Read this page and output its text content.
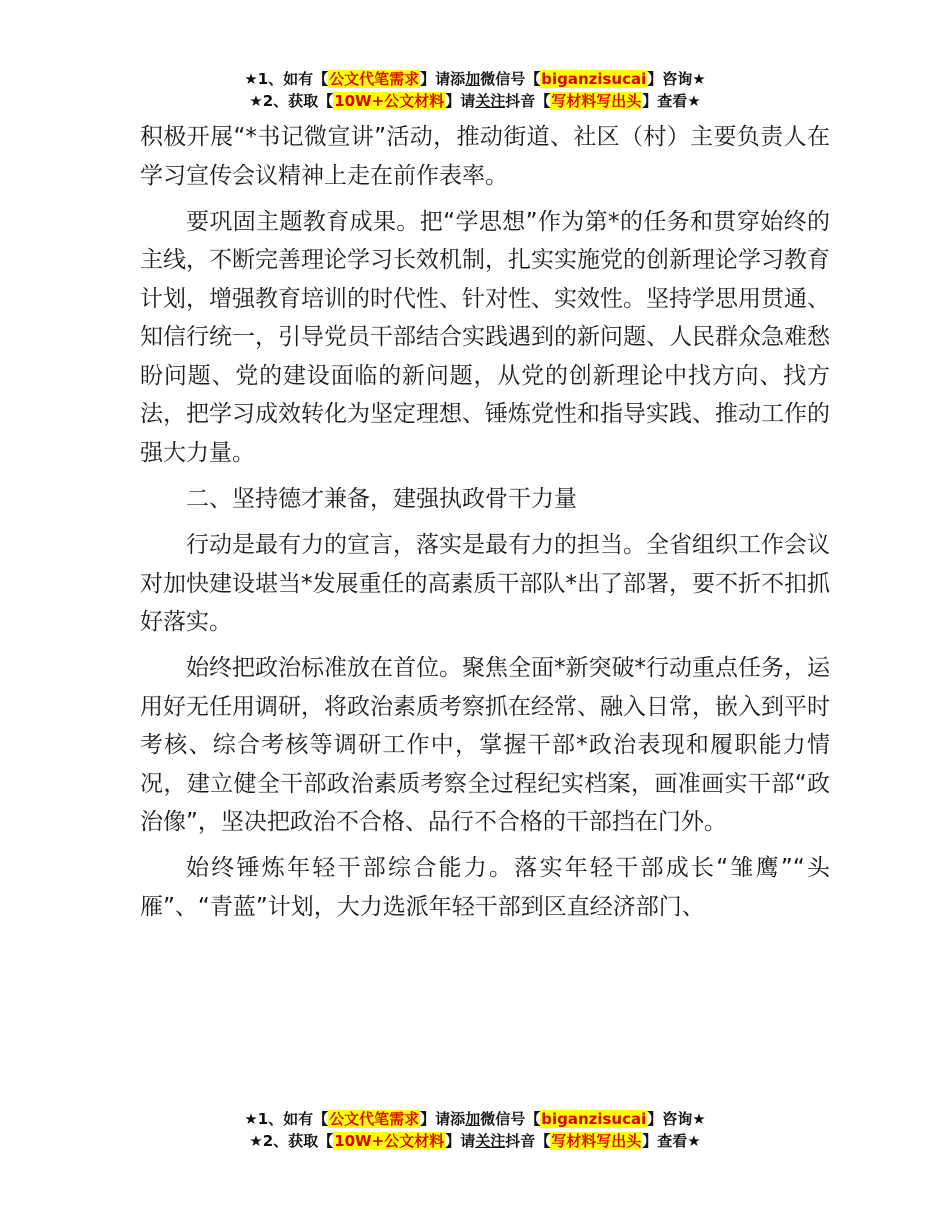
★1、如有【公文代笔需求】请添加微信号【biganzisucai】咨询★
★2、获取【10W+公文材料】请关注抖音【写材料写出头】查看★

积极开展“*书记微宣讲”活动，推动街道、社区（村）主要负责人在学习宣传会议精神上走在前作表率。

要巩固主题教育成果。把“学思想”作为第*的任务和贯穿始终的主线，不断完善理论学习长效机制，扎实实施党的创新理论学习教育计划，增强教育培训的时代性、针对性、实效性。坚持学思用贯通、知信行统一，引导党员干部结合实践遇到的新问题、人民群众急难愁盼问题、党的建设面临的新问题，从党的创新理论中找方向、找方法，把学习成效转化为坚定理想、锤炼党性和指导实践、推动工作的强大力量。

二、坚持德才兼备，建强执政骨干力量

行动是最有力的宣言，落实是最有力的担当。全省组织工作会议对加快建设堪当*发展重任的高素质干部队*出了部署，要不折不扣抓好落实。

始终把政治标准放在首位。聚焦全面*新突破*行动重点任务，运用好无任用调研，将政治素质考察抓在经常、融入日常，嵌入到平时考核、综合考核等调研工作中，掌握干部*政治表现和履职能力情况，建立健全干部政治素质考察全过程纪实档案，画准画实干部“政治像”，坚决把政治不合格、品行不合格的干部挡在门外。

始终锤炼年轻干部综合能力。落实年轻干部成长“雏鹰”“头雁”、“青蓝”计划，大力选派年轻干部到区直经济部门、

★1、如有【公文代笔需求】请添加微信号【biganzisucai】咨询★
★2、获取【10W+公文材料】请关注抖音【写材料写出头】查看★
